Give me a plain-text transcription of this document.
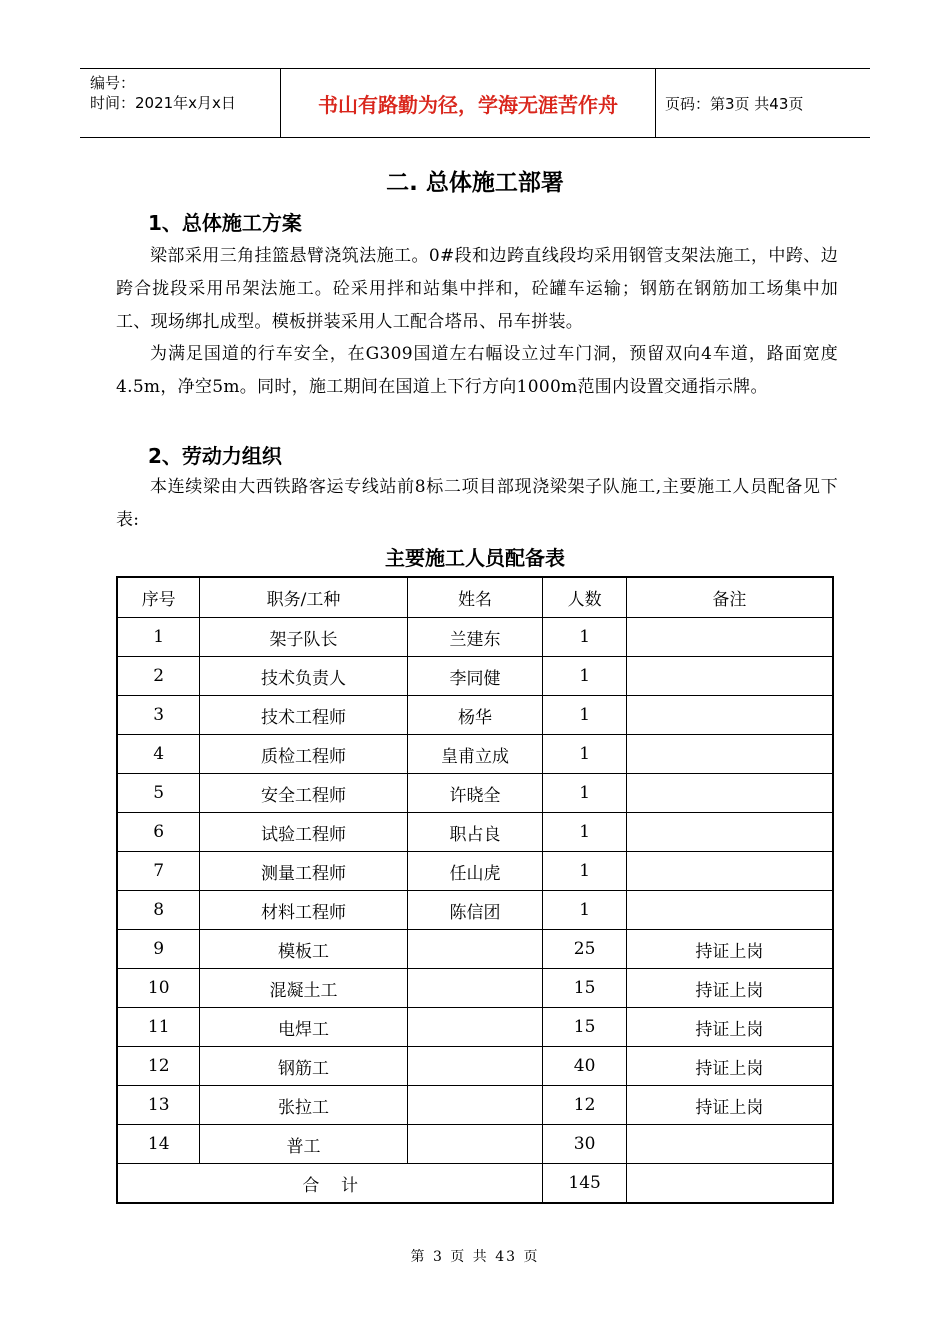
编号：
时间：2021年x月x日	书山有路勤为径，学海无涯苦作舟	页码：第3页 共43页
二. 总体施工部署
1、总体施工方案
梁部采用三角挂篮悬臂浇筑法施工。0#段和边跨直线段均采用钢管支架法施工，中跨、边跨合拢段采用吊架法施工。砼采用拌和站集中拌和，砼罐车运输；钢筋在钢筋加工场集中加工、现场绑扎成型。模板拼装采用人工配合塔吊、吊车拼装。
为满足国道的行车安全，在G309国道左右幅设立过车门洞，预留双向4车道，路面宽度4.5m，净空5m。同时，施工期间在国道上下行方向1000m范围内设置交通指示牌。
2、劳动力组织
本连续梁由大西铁路客运专线站前8标二项目部现浇梁架子队施工,主要施工人员配备见下表:
主要施工人员配备表
序号	职务/工种	姓名	人数	备注
1	架子队长	兰建东	1	
2	技术负责人	李同健	1	
3	技术工程师	杨华	1	
4	质检工程师	皇甫立成	1	
5	安全工程师	许晓全	1	
6	试验工程师	职占良	1	
7	测量工程师	任山虎	1	
8	材料工程师	陈信团	1	
9	模板工		25	持证上岗
10	混凝土工		15	持证上岗
11	电焊工		15	持证上岗
12	钢筋工		40	持证上岗
13	张拉工		12	持证上岗
14	普工		30	
合    计			145	
第 3 页 共 43 页
